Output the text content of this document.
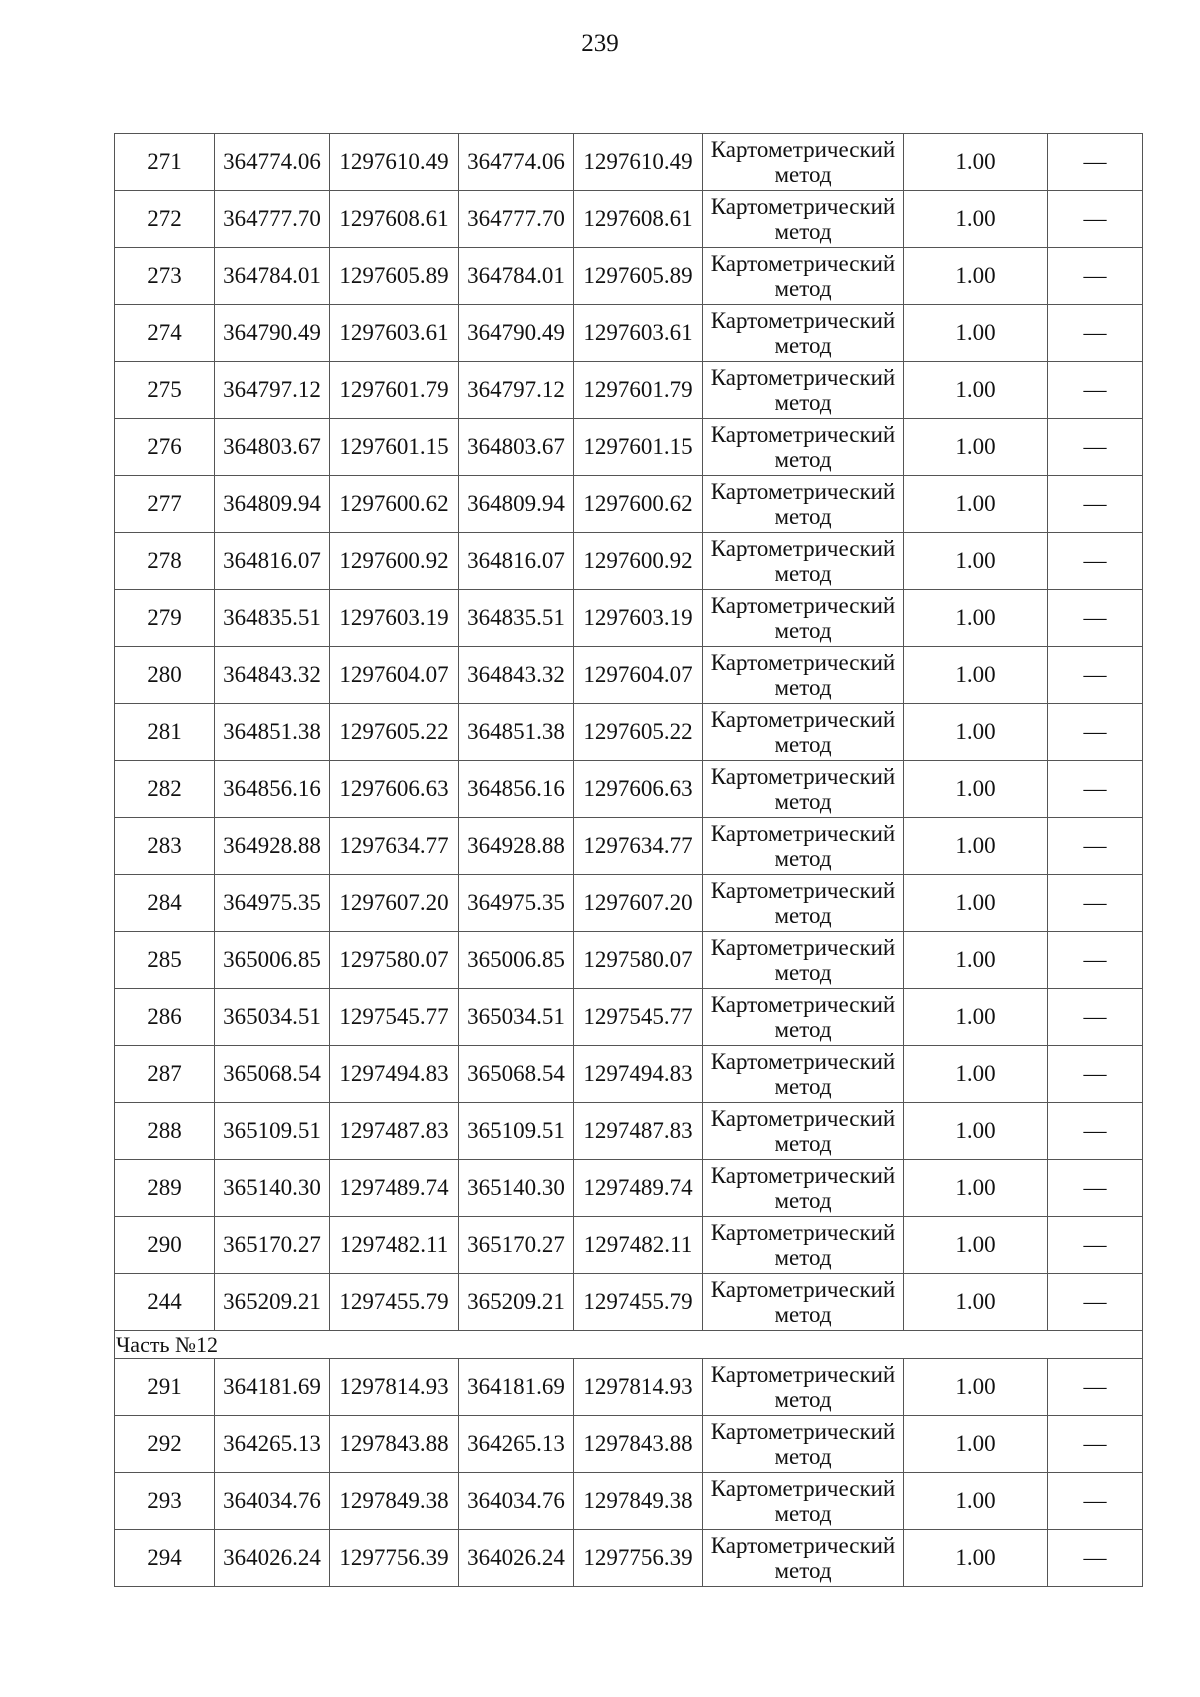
239
271	364774.06	1297610.49	364774.06	1297610.49	Картометрический
метод	1.00	—
272	364777.70	1297608.61	364777.70	1297608.61	Картометрический
метод	1.00	—
273	364784.01	1297605.89	364784.01	1297605.89	Картометрический
метод	1.00	—
274	364790.49	1297603.61	364790.49	1297603.61	Картометрический
метод	1.00	—
275	364797.12	1297601.79	364797.12	1297601.79	Картометрический
метод	1.00	—
276	364803.67	1297601.15	364803.67	1297601.15	Картометрический
метод	1.00	—
277	364809.94	1297600.62	364809.94	1297600.62	Картометрический
метод	1.00	—
278	364816.07	1297600.92	364816.07	1297600.92	Картометрический
метод	1.00	—
279	364835.51	1297603.19	364835.51	1297603.19	Картометрический
метод	1.00	—
280	364843.32	1297604.07	364843.32	1297604.07	Картометрический
метод	1.00	—
281	364851.38	1297605.22	364851.38	1297605.22	Картометрический
метод	1.00	—
282	364856.16	1297606.63	364856.16	1297606.63	Картометрический
метод	1.00	—
283	364928.88	1297634.77	364928.88	1297634.77	Картометрический
метод	1.00	—
284	364975.35	1297607.20	364975.35	1297607.20	Картометрический
метод	1.00	—
285	365006.85	1297580.07	365006.85	1297580.07	Картометрический
метод	1.00	—
286	365034.51	1297545.77	365034.51	1297545.77	Картометрический
метод	1.00	—
287	365068.54	1297494.83	365068.54	1297494.83	Картометрический
метод	1.00	—
288	365109.51	1297487.83	365109.51	1297487.83	Картометрический
метод	1.00	—
289	365140.30	1297489.74	365140.30	1297489.74	Картометрический
метод	1.00	—
290	365170.27	1297482.11	365170.27	1297482.11	Картометрический
метод	1.00	—
244	365209.21	1297455.79	365209.21	1297455.79	Картометрический
метод	1.00	—
Часть №12							
291	364181.69	1297814.93	364181.69	1297814.93	Картометрический
метод	1.00	—
292	364265.13	1297843.88	364265.13	1297843.88	Картометрический
метод	1.00	—
293	364034.76	1297849.38	364034.76	1297849.38	Картометрический
метод	1.00	—
294	364026.24	1297756.39	364026.24	1297756.39	Картометрический
метод	1.00	—
